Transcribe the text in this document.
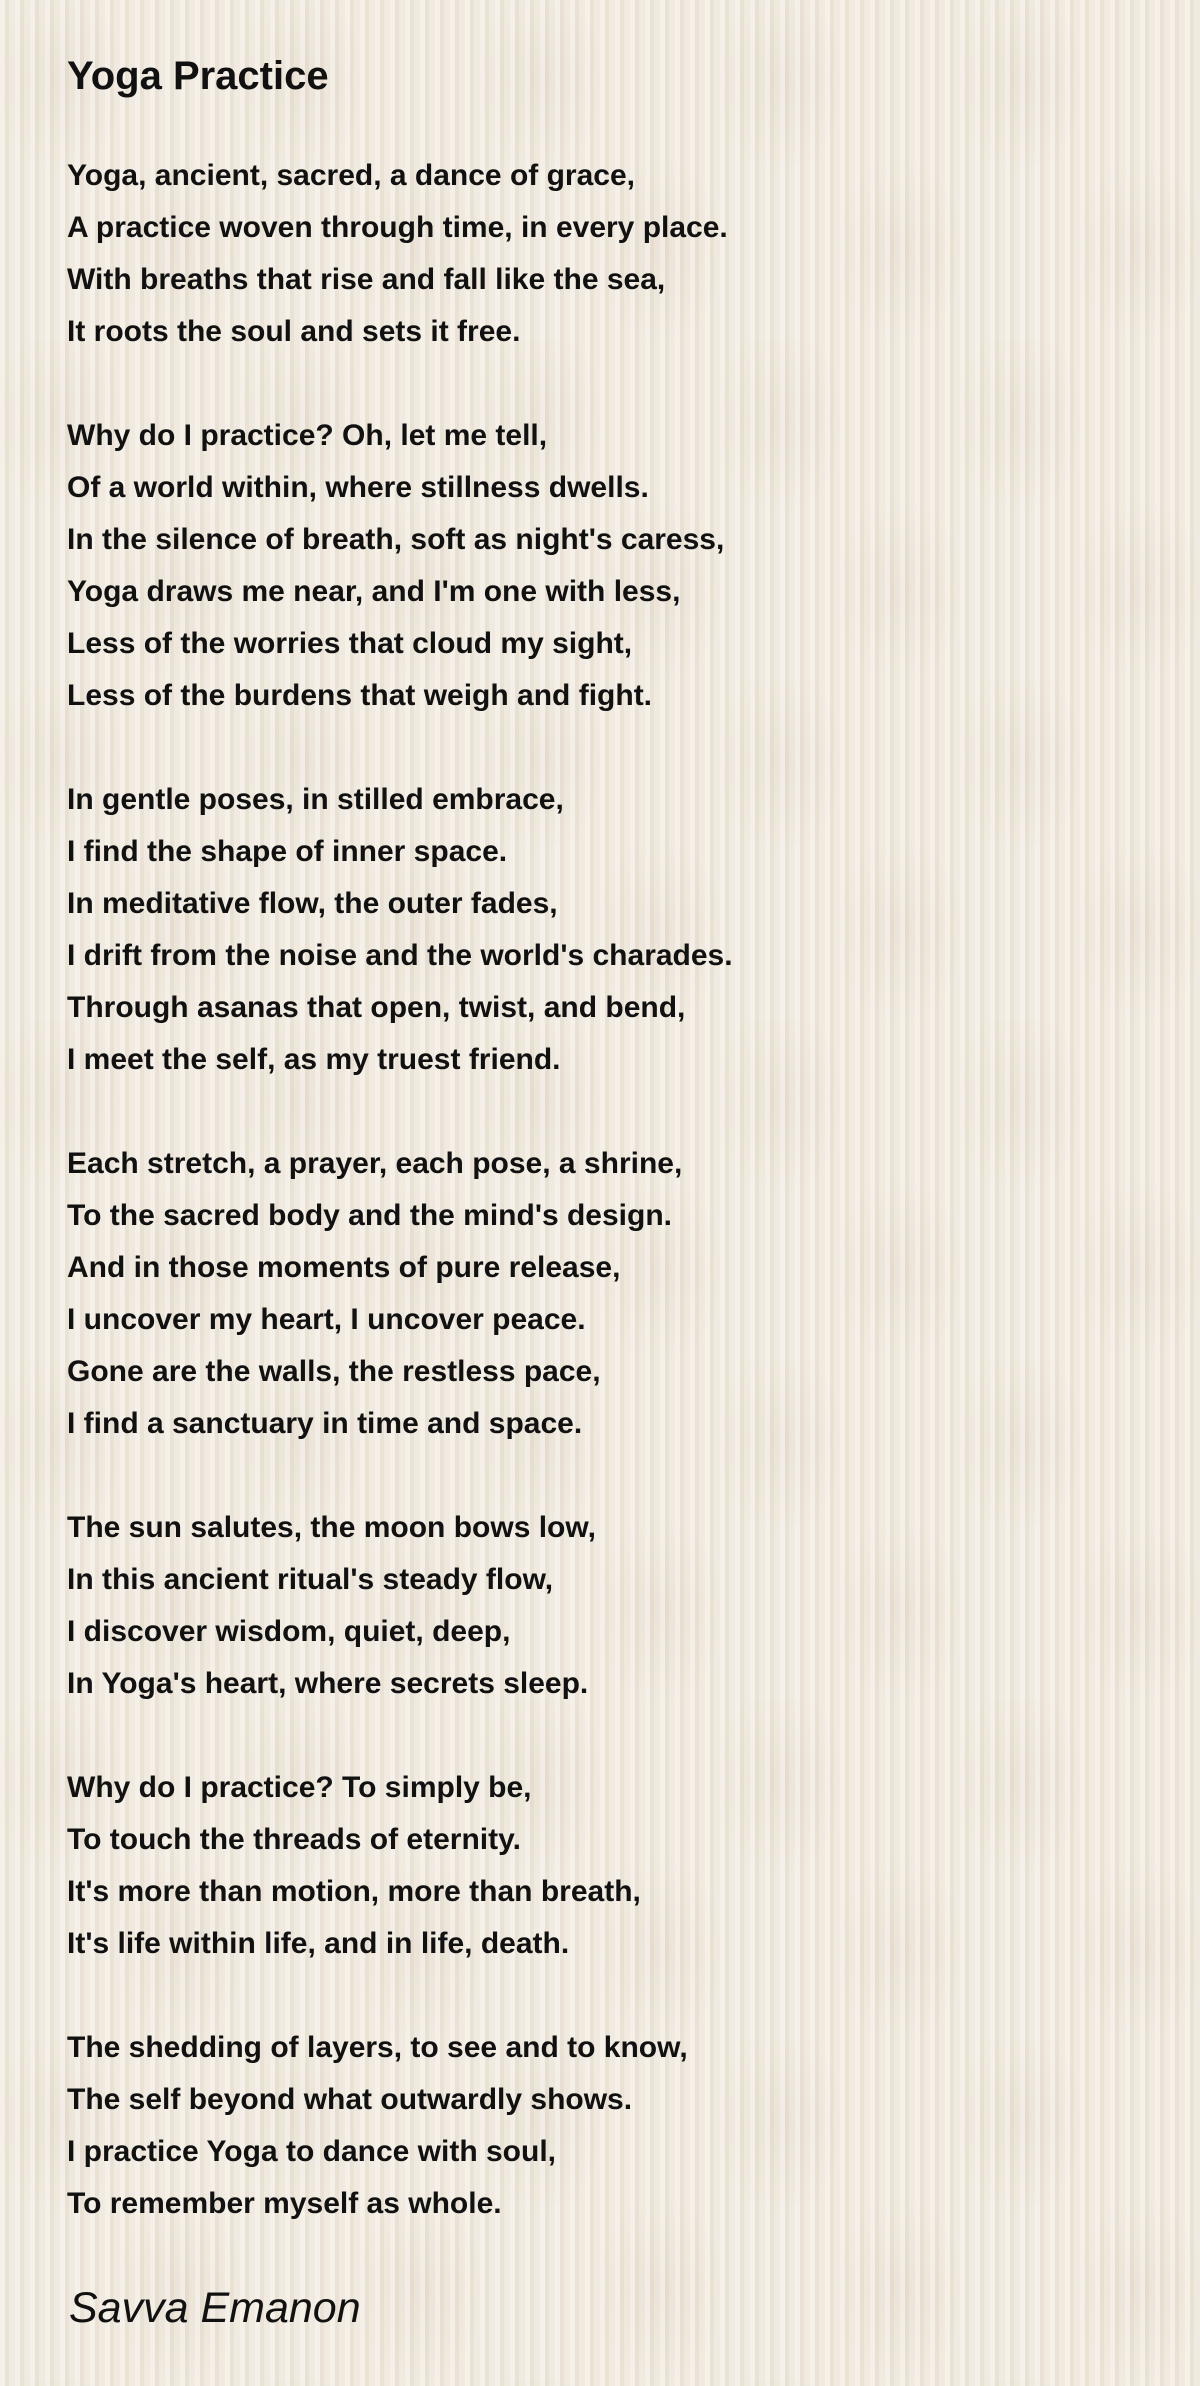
Yoga Practice
Yoga, ancient, sacred, a dance of grace,
A practice woven through time, in every place.
With breaths that rise and fall like the sea,
It roots the soul and sets it free.
Why do I practice? Oh, let me tell,
Of a world within, where stillness dwells.
In the silence of breath, soft as night's caress,
Yoga draws me near, and I'm one with less,
Less of the worries that cloud my sight,
Less of the burdens that weigh and fight.
In gentle poses, in stilled embrace,
I find the shape of inner space.
In meditative flow, the outer fades,
I drift from the noise and the world's charades.
Through asanas that open, twist, and bend,
I meet the self, as my truest friend.
Each stretch, a prayer, each pose, a shrine,
To the sacred body and the mind's design.
And in those moments of pure release,
I uncover my heart, I uncover peace.
Gone are the walls, the restless pace,
I find a sanctuary in time and space.
The sun salutes, the moon bows low,
In this ancient ritual's steady flow,
I discover wisdom, quiet, deep,
In Yoga's heart, where secrets sleep.
Why do I practice? To simply be,
To touch the threads of eternity.
It's more than motion, more than breath,
It's life within life, and in life, death.
The shedding of layers, to see and to know,
The self beyond what outwardly shows.
I practice Yoga to dance with soul,
To remember myself as whole.
Savva Emanon
